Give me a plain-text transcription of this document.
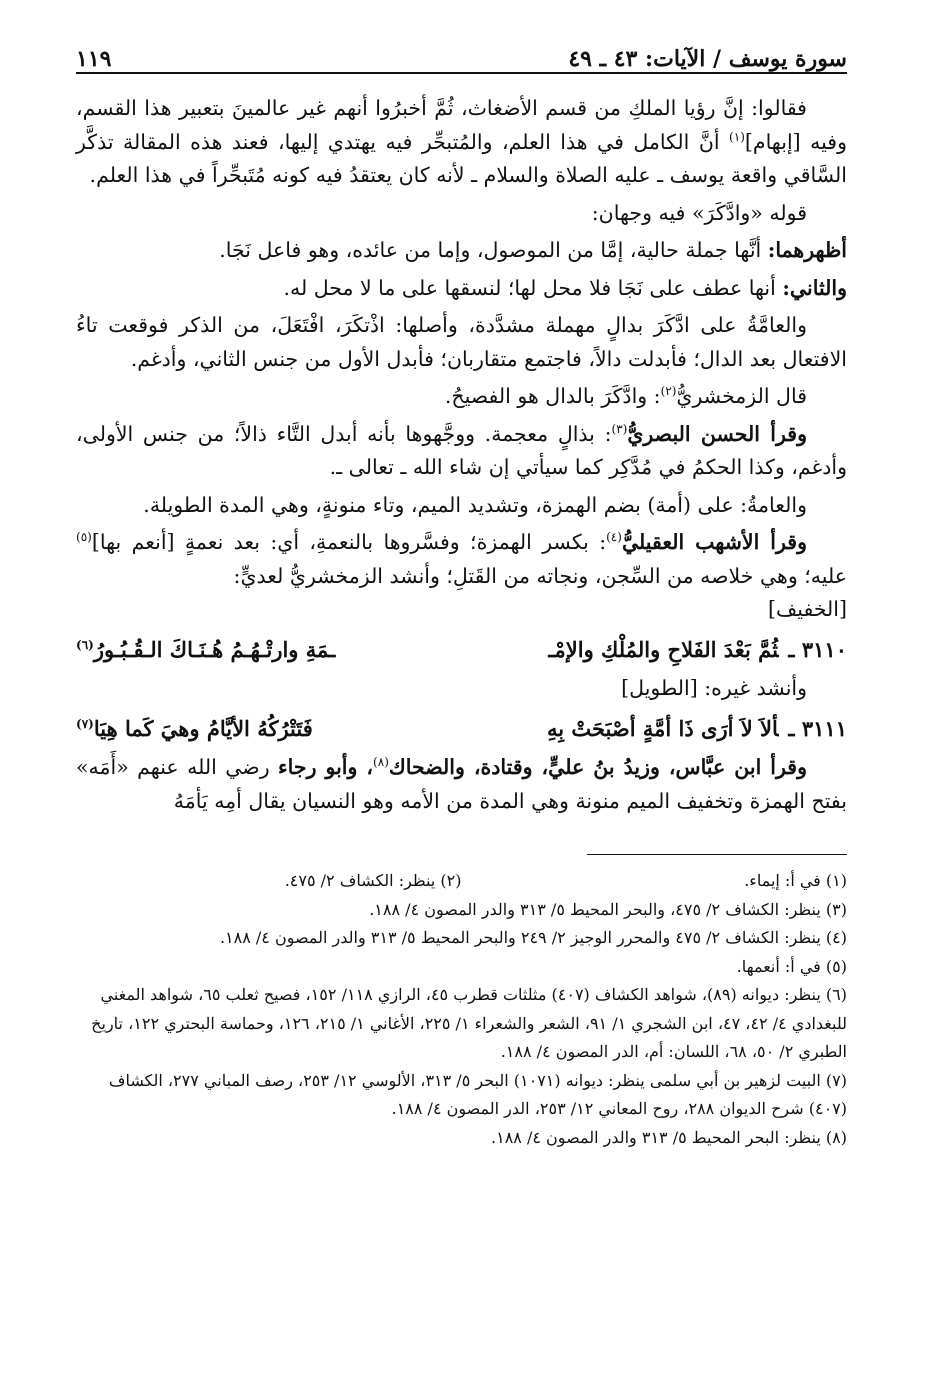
سورة يوسف / الآيات: ٤٣ ـ ٤٩
١١٩

فقالوا: إنَّ رؤيا الملكِ من قسم الأضغاث، ثُمَّ أخبرُوا أنهم غير عالمينَ بتعبير هذا القسم، وفيه [إبهام]$^{(١)}$ أنَّ الكامل في هذا العلم، والمُتبحِّر فيه يهتدي إليها، فعند هذه المقالة تذكَّر السَّاقي واقعة يوسف ـ عليه الصلاة والسلام ـ لأنه كان يعتقدُ فيه كونه مُتَبحِّراً في هذا العلم.

قوله «وادَّكَرَ» فيه وجهان:

أظهرهما: أنَّها جملة حالية، إمَّا من الموصول، وإما من عائده، وهو فاعل نَجَا.

والثاني: أنها عطف على نَجَا فلا محل لها؛ لنسقها على ما لا محل له.

والعامَّةُ على ادَّكَرَ بدالٍ مهملة مشدَّدة، وأصلها: اذْتكَرَ، افْتَعَلَ، من الذكر فوقعت تاءُ الافتعال بعد الدال؛ فأبدلت دالاً، فاجتمع متقاربان؛ فأبدل الأول من جنس الثاني، وأدغم.

قال الزمخشريُّ$^{(٢)}$: وادَّكَرَ بالدال هو الفصيحُ.

وقرأ الحسن البصريُّ$^{(٣)}$: بذالٍ معجمة. ووجَّهوها بأنه أبدل التَّاء ذالاً؛ من جنس الأولى، وأدغم، وكذا الحكمُ في مُدَّكِر كما سيأتي إن شاء الله ـ تعالى ـ.

والعامةُ: على (أمة) بضم الهمزة، وتشديد الميم، وتاء منونةٍ، وهي المدة الطويلة.

وقرأ الأشهب العقيليُّ$^{(٤)}$: بكسر الهمزة؛ وفسَّروها بالنعمةِ، أي: بعد نعمةٍ [أنعم بها]$^{(٥)}$ عليه؛ وهي خلاصه من السِّجن، ونجاته من القَتلِ؛ وأنشد الزمخشريُّ لعديٍّ:
[الخفيف]

٣١١٠ ـثُمَّ بَعْدَ الفَلاحِ والمُلْكِ والإمْـ
ـمَةِ وارتْـهُـمُ هُـنَـاكَ الـقُـبُـورُ$^{(٦)}$

وأنشد غيره: [الطويل]

٣١١١ ـألاَ لاَ أرَى ذَا أمَّةٍ أصْبَحَتْ بِهِ
فَتَتْرُكُهُ الأيَّامُ وهيَ كَما هِيَا$^{(٧)}$

وقرأ ابن عبَّاس، وزيدُ بنُ عليٍّ، وقتادة، والضحاك$^{(٨)}$، وأبو رجاء رضي الله عنهم «أَمَه» بفتح الهمزة وتخفيف الميم منونة وهي المدة من الأمه وهو النسيان يقال أمِه يَأمَهُ

(١) في أ: إيماء.
(٢) ينظر: الكشاف ٢/ ٤٧٥.

(٣) ينظر: الكشاف ٢/ ٤٧٥، والبحر المحيط ٥/ ٣١٣ والدر المصون ٤/ ١٨٨.

(٤) ينظر: الكشاف ٢/ ٤٧٥ والمحرر الوجيز ٢/ ٢٤٩ والبحر المحيط ٥/ ٣١٣ والدر المصون ٤/ ١٨٨.

(٥) في أ: أنعمها.

(٦) ينظر: ديوانه (٨٩)، شواهد الكشاف (٤٠٧) مثلثات قطرب ٤٥، الرازي ١١٨/ ١٥٢، فصيح ثعلب ٦٥، شواهد المغني للبغدادي ٤/ ٤٢، ٤٧، ابن الشجري ١/ ٩١، الشعر والشعراء ١/ ٢٢٥، الأغاني ١/ ٢١٥، ١٢٦، وحماسة البحتري ١٢٢، تاريخ الطبري ٢/ ٥٠، ٦٨، اللسان: أم، الدر المصون ٤/ ١٨٨.

(٧) البيت لزهير بن أبي سلمى ينظر: ديوانه (١٠٧١) البحر ٥/ ٣١٣، الألوسي ١٢/ ٢٥٣، رصف المباني ٢٧٧، الكشاف (٤٠٧) شرح الديوان ٢٨٨، روح المعاني ١٢/ ٢٥٣، الدر المصون ٤/ ١٨٨.

(٨) ينظر: البحر المحيط ٥/ ٣١٣ والدر المصون ٤/ ١٨٨.
